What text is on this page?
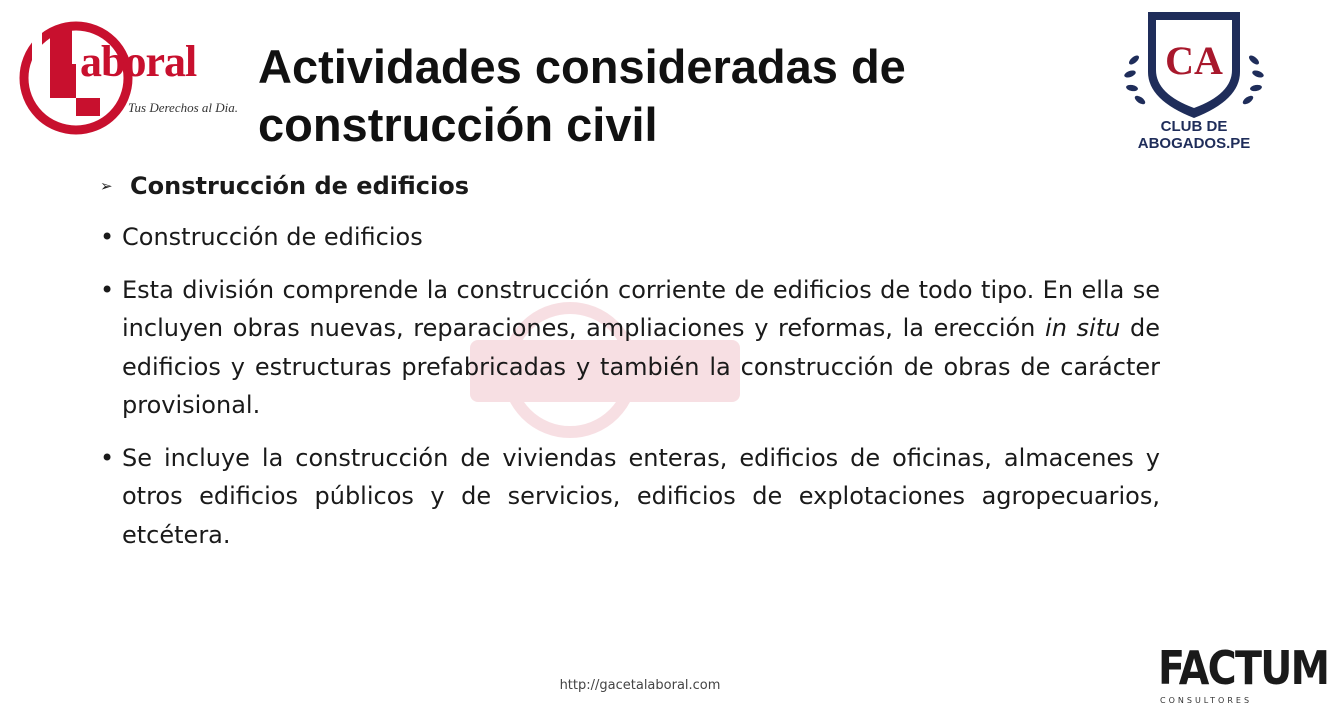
aboral
Tus Derechos al Dia.
Actividades consideradas de construcción civil
CA
CLUB DE
ABOGADOS.PE
➢ Construcción de edificios
• Construcción de edificios
• Esta división comprende la construcción corriente de edificios de todo tipo. En ella se incluyen obras nuevas, reparaciones, ampliaciones y reformas, la erección in situ de edificios y estructuras prefabricadas y también la construcción de obras de carácter provisional.
• Se incluye la construcción de viviendas enteras, edificios de oficinas, almacenes y otros edificios públicos y de servicios, edificios de explotaciones agropecuarios, etcétera.
http://gacetalaboral.com	FACTUM
CONSULTORES
